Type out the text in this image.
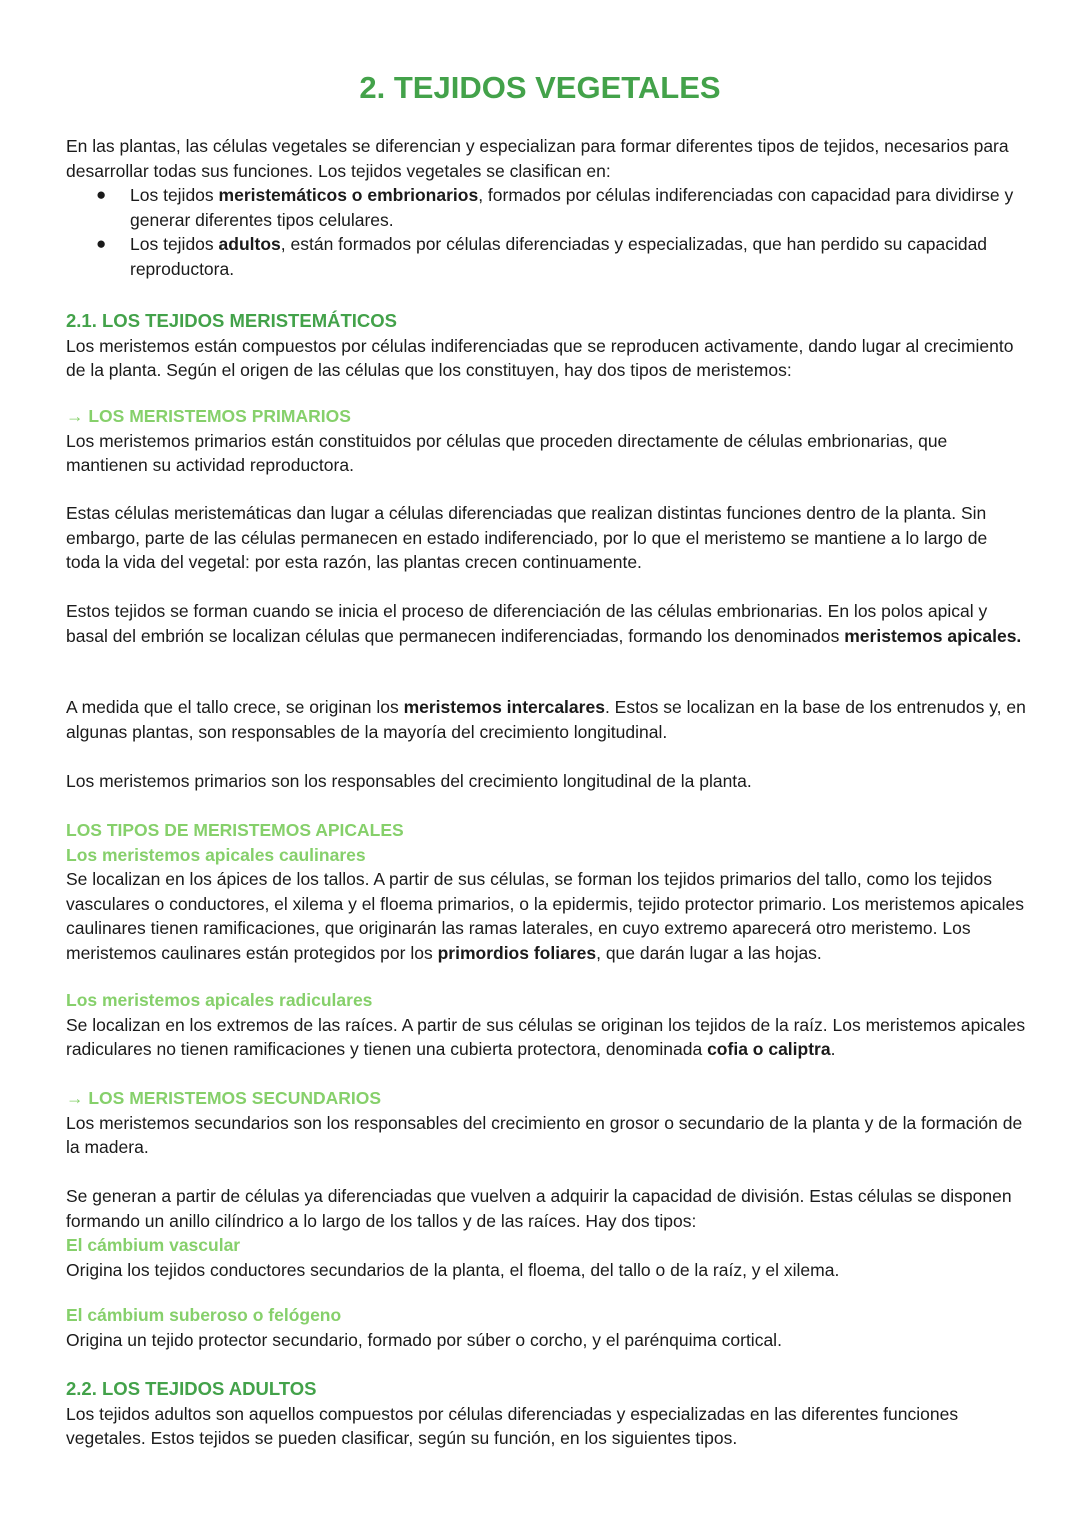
2. TEJIDOS VEGETALES

En las plantas, las células vegetales se diferencian y especializan para formar diferentes tipos de tejidos, necesarios para desarrollar todas sus funciones. Los tejidos vegetales se clasifican en:

● Los tejidos meristemáticos o embrionarios, formados por células indiferenciadas con capacidad para dividirse y generar diferentes tipos celulares.
● Los tejidos adultos, están formados por células diferenciadas y especializadas, que han perdido su capacidad reproductora.

2.1. LOS TEJIDOS MERISTEMÁTICOS

Los meristemos están compuestos por células indiferenciadas que se reproducen activamente, dando lugar al crecimiento de la planta. Según el origen de las células que los constituyen, hay dos tipos de meristemos:

→ LOS MERISTEMOS PRIMARIOS

Los meristemos primarios están constituidos por células que proceden directamente de células embrionarias, que mantienen su actividad reproductora.

Estas células meristemáticas dan lugar a células diferenciadas que realizan distintas funciones dentro de la planta. Sin embargo, parte de las células permanecen en estado indiferenciado, por lo que el meristemo se mantiene a lo largo de toda la vida del vegetal: por esta razón, las plantas crecen continuamente.

Estos tejidos se forman cuando se inicia el proceso de diferenciación de las células embrionarias. En los polos apical y basal del embrión se localizan células que permanecen indiferenciadas, formando los denominados meristemos apicales.

A medida que el tallo crece, se originan los meristemos intercalares. Estos se localizan en la base de los entrenudos y, en algunas plantas, son responsables de la mayoría del crecimiento longitudinal.

Los meristemos primarios son los responsables del crecimiento longitudinal de la planta.

LOS TIPOS DE MERISTEMOS APICALES

Los meristemos apicales caulinares

Se localizan en los ápices de los tallos. A partir de sus células, se forman los tejidos primarios del tallo, como los tejidos vasculares o conductores, el xilema y el floema primarios, o la epidermis, tejido protector primario. Los meristemos apicales caulinares tienen ramificaciones, que originarán las ramas laterales, en cuyo extremo aparecerá otro meristemo. Los meristemos caulinares están protegidos por los primordios foliares, que darán lugar a las hojas.

Los meristemos apicales radiculares

Se localizan en los extremos de las raíces. A partir de sus células se originan los tejidos de la raíz. Los meristemos apicales radiculares no tienen ramificaciones y tienen una cubierta protectora, denominada cofia o caliptra.

→ LOS MERISTEMOS SECUNDARIOS

Los meristemos secundarios son los responsables del crecimiento en grosor o secundario de la planta y de la formación de la madera.

Se generan a partir de células ya diferenciadas que vuelven a adquirir la capacidad de división. Estas células se disponen formando un anillo cilíndrico a lo largo de los tallos y de las raíces. Hay dos tipos:

El cámbium vascular

Origina los tejidos conductores secundarios de la planta, el floema, del tallo o de la raíz, y el xilema.

El cámbium suberoso o felógeno

Origina un tejido protector secundario, formado por súber o corcho, y el parénquima cortical.

2.2. LOS TEJIDOS ADULTOS

Los tejidos adultos son aquellos compuestos por células diferenciadas y especializadas en las diferentes funciones vegetales. Estos tejidos se pueden clasificar, según su función, en los siguientes tipos.
